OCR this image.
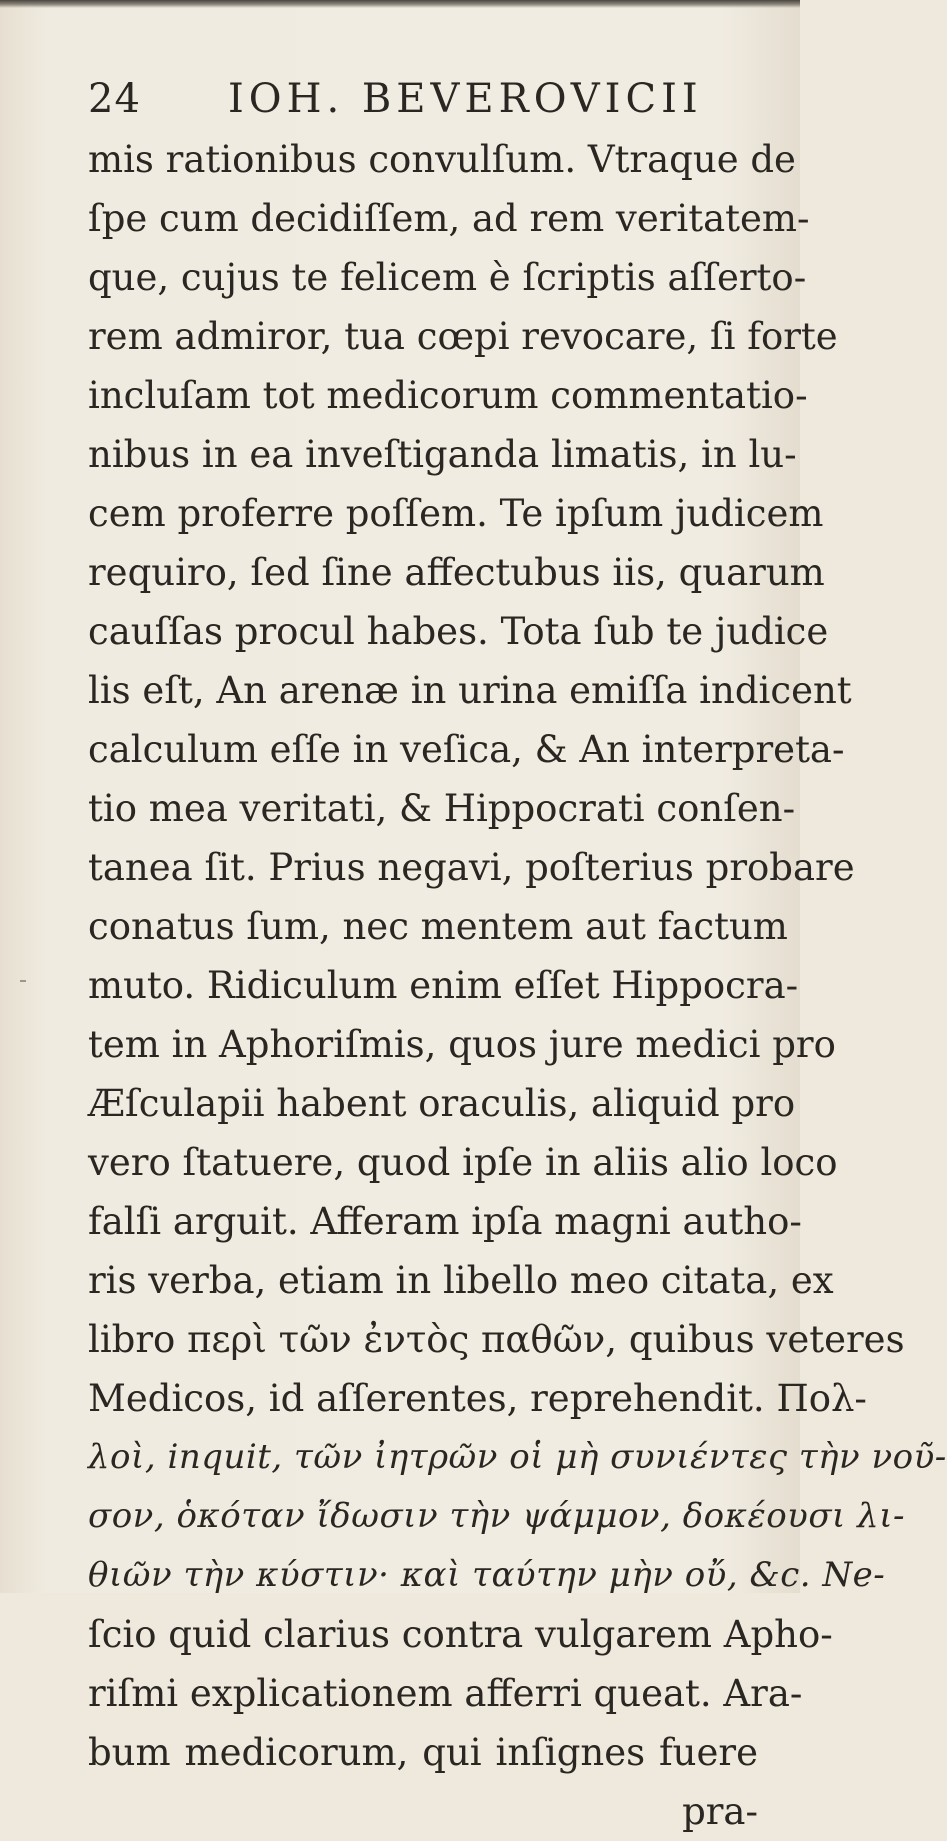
24 IOH. BEVEROVICII
mis rationibus convulſum. Vtraque de
ſpe cum decidiſſem, ad rem veritatem-
que, cujus te felicem è ſcriptis aſſerto-
rem admiror, tua cœpi revocare, ſi forte
incluſam tot medicorum commentatio-
nibus in ea inveſtiganda limatis, in lu-
cem proferre poſſem. Te ipſum judicem
requiro, ſed ſine affectubus iis, quarum
cauſſas procul habes. Tota ſub te judice
lis eſt, An arenæ in urina emiſſa indicent
calculum eſſe in veſica, & An interpreta-
tio mea veritati, & Hippocrati conſen-
tanea ſit. Prius negavi, poſterius probare
conatus ſum, nec mentem aut factum
muto. Ridiculum enim eſſet Hippocra-
tem in Aphoriſmis, quos jure medici pro
Æſculapii habent oraculis, aliquid pro
vero ſtatuere, quod ipſe in aliis alio loco
falſi arguit. Afferam ipſa magni autho-
ris verba, etiam in libello meo citata, ex
libro περὶ τῶν ἐντὸς παθῶν, quibus veteres
Medicos, id aſſerentes, reprehendit. Πολ-
λοὶ, inquit, τῶν ἰητρῶν οἱ μὴ συνιέντες τὴν νοῦ-
σον, ὁκόταν ἴδωσιν τὴν ψάμμον, δοκέουσι λι-
θιῶν τὴν κύστιν· καὶ ταύτην μὴν οὔ, &c. Ne-
ſcio quid clarius contra vulgarem Apho-
riſmi explicationem afferri queat. Ara-
bum medicorum, qui inſignes fuere
pra-
